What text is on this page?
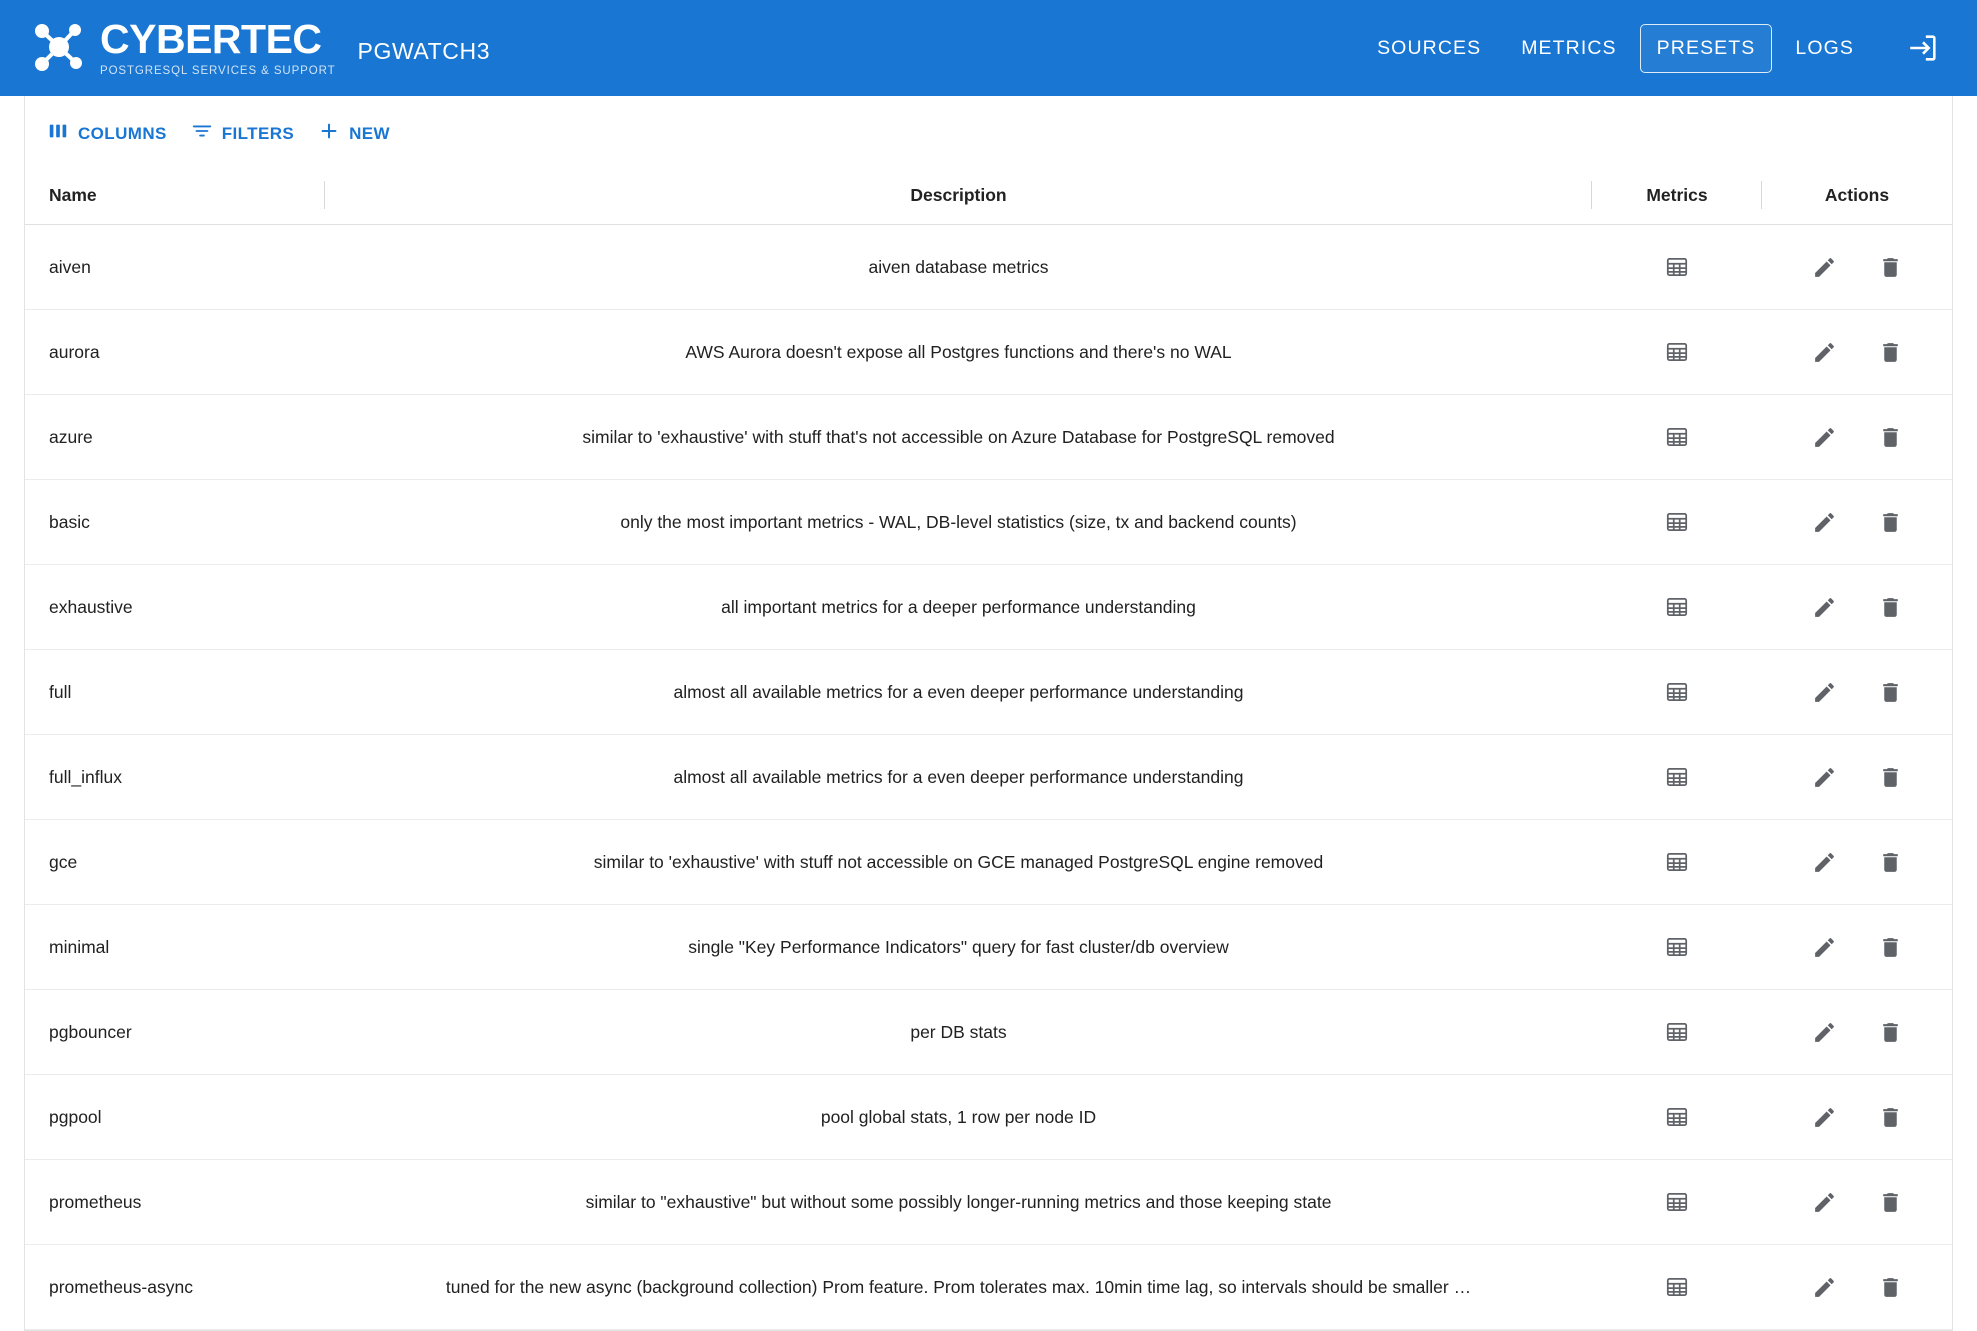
CYBERTEC
POSTGRESQL SERVICES & SUPPORT
PGWATCH3	SOURCES	METRICS	PRESETS	LOGS
COLUMNS	FILTERS	NEW
Name	Description	Metrics	Actions
aiven	aiven database metrics	

aurora	AWS Aurora doesn't expose all Postgres functions and there's no WAL	

azure	similar to 'exhaustive' with stuff that's not accessible on Azure Database for PostgreSQL removed	

basic	only the most important metrics - WAL, DB-level statistics (size, tx and backend counts)	

exhaustive	all important metrics for a deeper performance understanding	

full	almost all available metrics for a even deeper performance understanding	

full_influx	almost all available metrics for a even deeper performance understanding	

gce	similar to 'exhaustive' with stuff not accessible on GCE managed PostgreSQL engine removed	

minimal	single "Key Performance Indicators" query for fast cluster/db overview	

pgbouncer	per DB stats	

pgpool	pool global stats, 1 row per node ID	

prometheus	similar to "exhaustive" but without some possibly longer-running metrics and those keeping state	

prometheus-async	tuned for the new async (background collection) Prom feature. Prom tolerates max. 10min time lag, so intervals should be smaller …	
